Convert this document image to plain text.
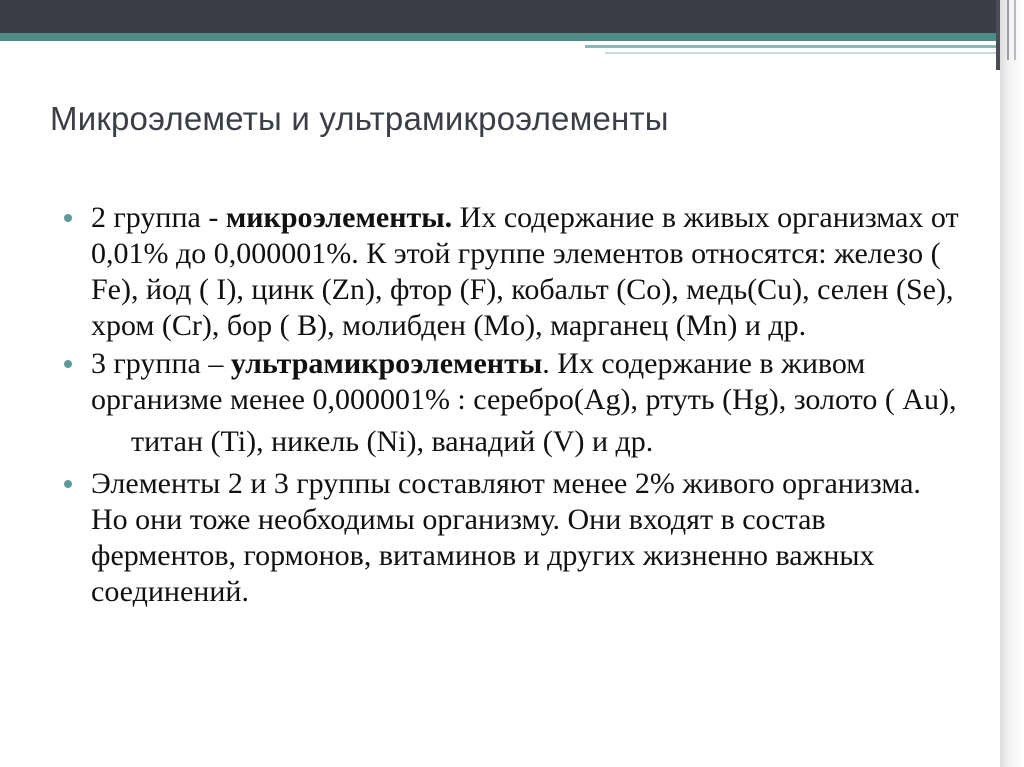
Микроэлеметы и ультрамикроэлементы
2 группа - микроэлементы. Их содержание в живых организмах от 0,01% до 0,000001%. К этой группе элементов относятся: железо ( Fe), йод ( I), цинк (Zn), фтор (F), кобальт (Co), медь(Cu), селен (Se), хром (Cr), бор ( B), молибден (Mo), марганец (Mn) и др.
3 группа – ультрамикроэлементы. Их содержание в живом организме менее 0,000001% : серебро(Ag), ртуть (Hg), золото ( Au),
титан (Ti), никель (Ni), ванадий (V) и др.
Элементы 2 и 3 группы составляют менее 2% живого организма. Но они тоже необходимы организму. Они входят в состав ферментов, гормонов, витаминов и других жизненно важных соединений.
